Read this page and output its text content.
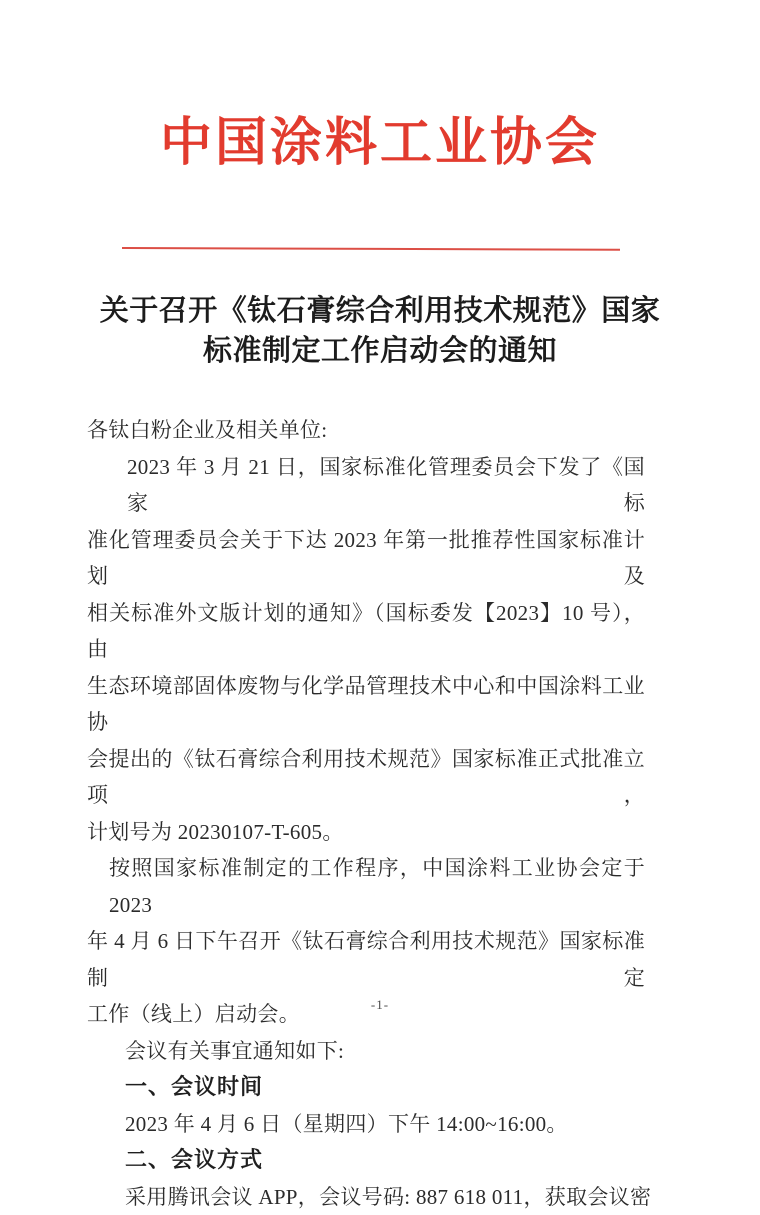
中国涂料工业协会
关于召开《钛石膏综合利用技术规范》国家
标准制定工作启动会的通知
各钛白粉企业及相关单位:
2023 年 3 月 21 日，国家标准化管理委员会下发了《国家标
准化管理委员会关于下达 2023 年第一批推荐性国家标准计划及
相关标准外文版计划的通知》（国标委发【2023】10 号），由
生态环境部固体废物与化学品管理技术中心和中国涂料工业协
会提出的《钛石膏综合利用技术规范》国家标准正式批准立项，
计划号为 20230107-T-605。
按照国家标准制定的工作程序，中国涂料工业协会定于2023
年 4 月 6 日下午召开《钛石膏综合利用技术规范》国家标准制定
工作（线上）启动会。
会议有关事宜通知如下:
一、会议时间
2023 年 4 月 6 日（星期四）下午 14:00~16:00。
二、会议方式
采用腾讯会议 APP，会议号码: 887 618 011，获取会议密
-1-
